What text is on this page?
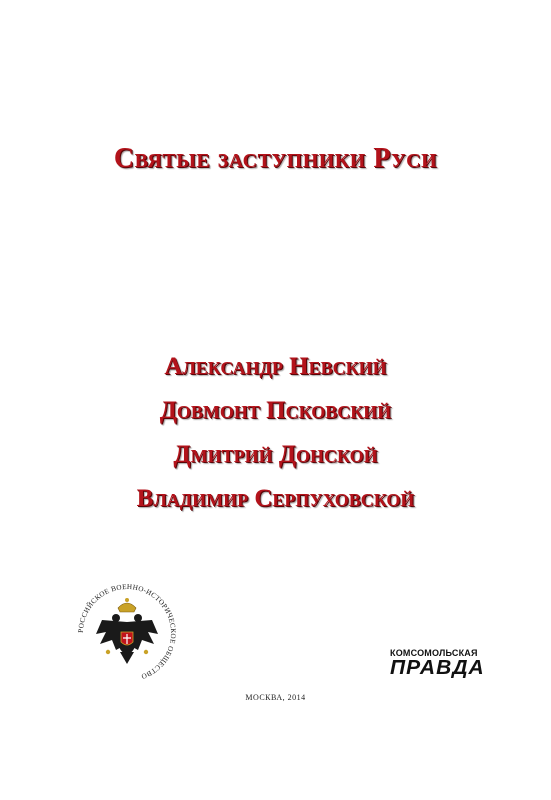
Святые заступники Руси
Александр Невский
Довмонт Псковский
Дмитрий Донской
Владимир Серпуховской
РОССИЙСКОЕ ВОЕННО-ИСТОРИЧЕСКОЕ ОБЩЕСТВО
КОМСОМОЛЬСКАЯ
ПРАВДА
МОСКВА, 2014
